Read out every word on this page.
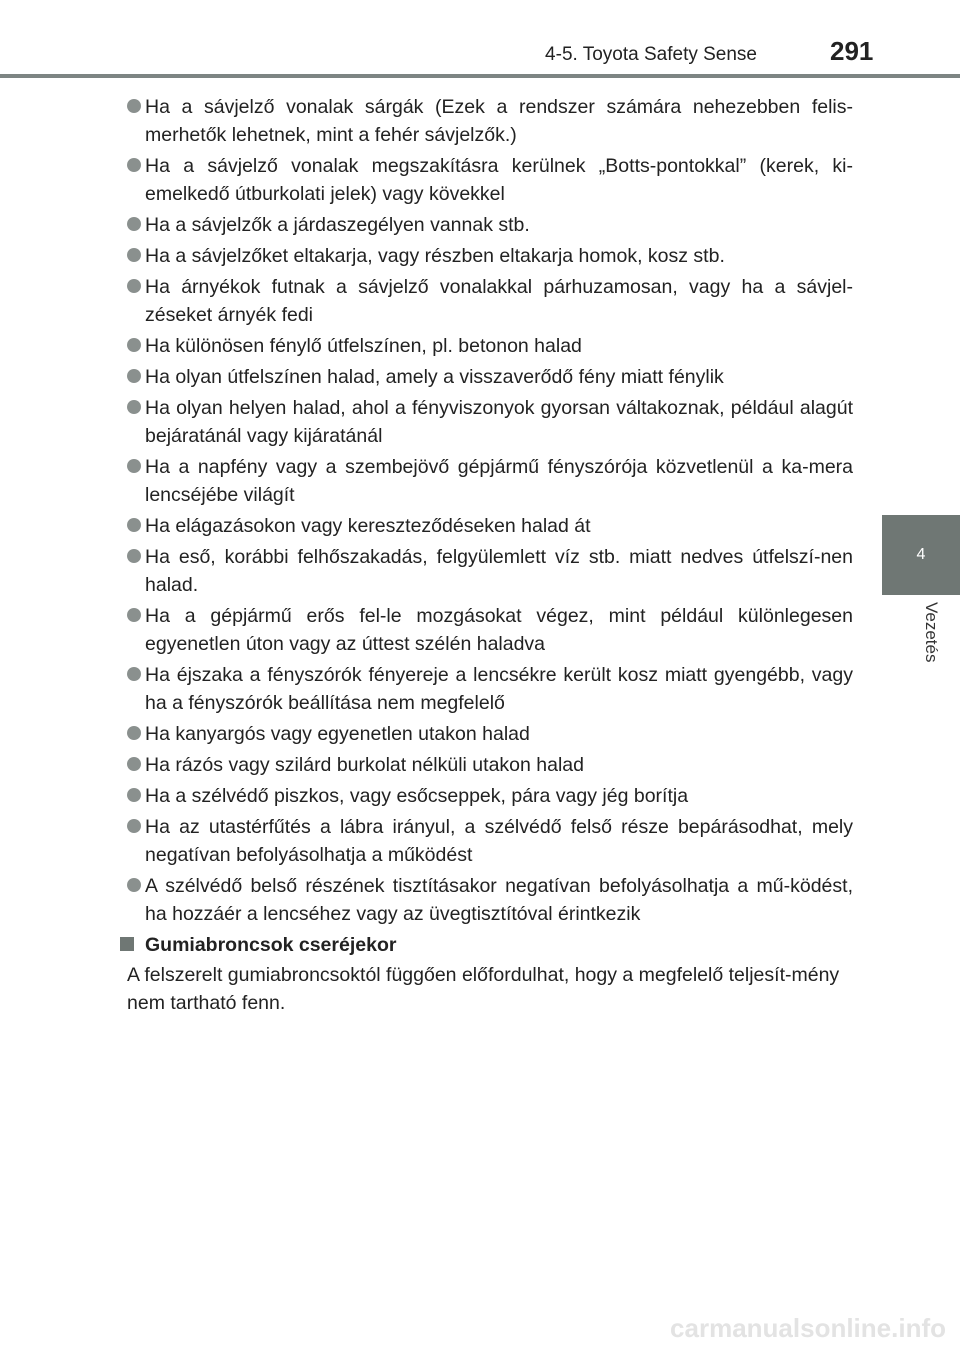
4-5. Toyota Safety Sense	291
4
Vezetés
Ha a sávjelző vonalak sárgák (Ezek a rendszer számára nehezebben felis-merhetők lehetnek, mint a fehér sávjelzők.)
Ha a sávjelző vonalak megszakításra kerülnek „Botts-pontokkal” (kerek, ki-emelkedő útburkolati jelek) vagy kövekkel
Ha a sávjelzők a járdaszegélyen vannak stb.
Ha a sávjelzőket eltakarja, vagy részben eltakarja homok, kosz stb.
Ha árnyékok futnak a sávjelző vonalakkal párhuzamosan, vagy ha a sávjel-zéseket árnyék fedi
Ha különösen fénylő útfelszínen, pl. betonon halad
Ha olyan útfelszínen halad, amely a visszaverődő fény miatt fénylik
Ha olyan helyen halad, ahol a fényviszonyok gyorsan váltakoznak, például alagút bejáratánál vagy kijáratánál
Ha a napfény vagy a szembejövő gépjármű fényszórója közvetlenül a ka-mera lencséjébe világít
Ha elágazásokon vagy kereszteződéseken halad át
Ha eső, korábbi felhőszakadás, felgyülemlett víz stb. miatt nedves útfelszí-nen halad.
Ha a gépjármű erős fel-le mozgásokat végez, mint például különlegesen egyenetlen úton vagy az úttest szélén haladva
Ha éjszaka a fényszórók fényereje a lencsékre került kosz miatt gyengébb, vagy ha a fényszórók beállítása nem megfelelő
Ha kanyargós vagy egyenetlen utakon halad
Ha rázós vagy szilárd burkolat nélküli utakon halad
Ha a szélvédő piszkos, vagy esőcseppek, pára vagy jég borítja
Ha az utastérfűtés a lábra irányul, a szélvédő felső része bepárásodhat, mely negatívan befolyásolhatja a működést
A szélvédő belső részének tisztításakor negatívan befolyásolhatja a mű-ködést, ha hozzáér a lencséhez vagy az üvegtisztítóval érintkezik
Gumiabroncsok cseréjekor
A felszerelt gumiabroncsoktól függően előfordulhat, hogy a megfelelő teljesít-mény nem tartható fenn.
carmanualsonline.info
